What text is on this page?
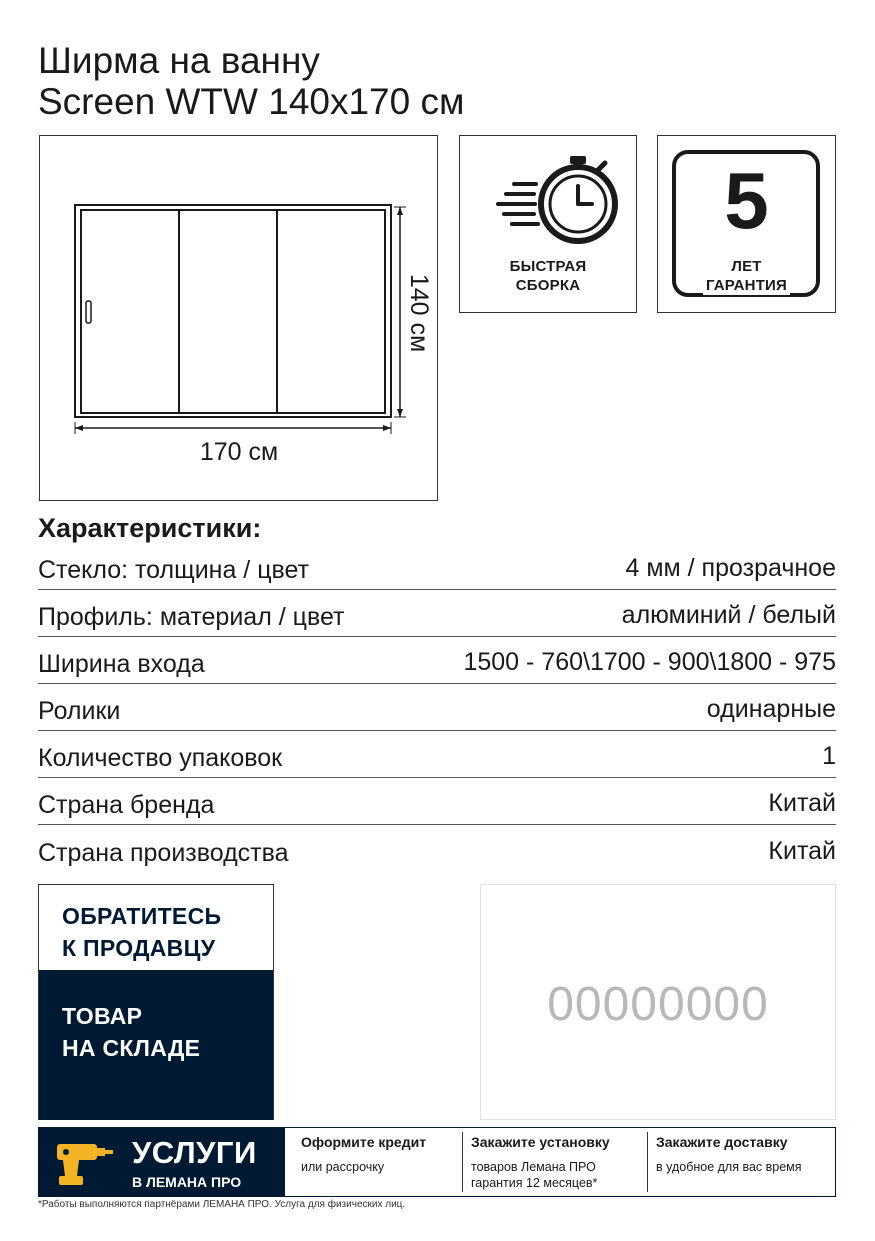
Ширма на ванну
Screen WTW 140x170 см
140 см
170 см
БЫСТРАЯ
СБОРКА
5
ЛЕТ
ГАРАНТИЯ
Характеристики:
Стекло: толщина / цвет	4 мм / прозрачное
Профиль: материал / цвет	алюминий / белый
Ширина входа	1500 - 760\1700 - 900\1800 - 975
Ролики	одинарные
Количество упаковок	1
Страна бренда	Китай
Страна производства	Китай
ОБРАТИТЕСЬ
К ПРОДАВЦУ
ТОВАР
НА СКЛАДЕ
00000000
УСЛУГИ
В ЛЕМАНА ПРО
Оформите кредит
или рассрочку
Закажите установку
товаров Лемана ПРО
гарантия 12 месяцев*
Закажите доставку
в удобное для вас время
*Работы выполняются партнёрами ЛЕМАНА ПРО. Услуга для физических лиц.
